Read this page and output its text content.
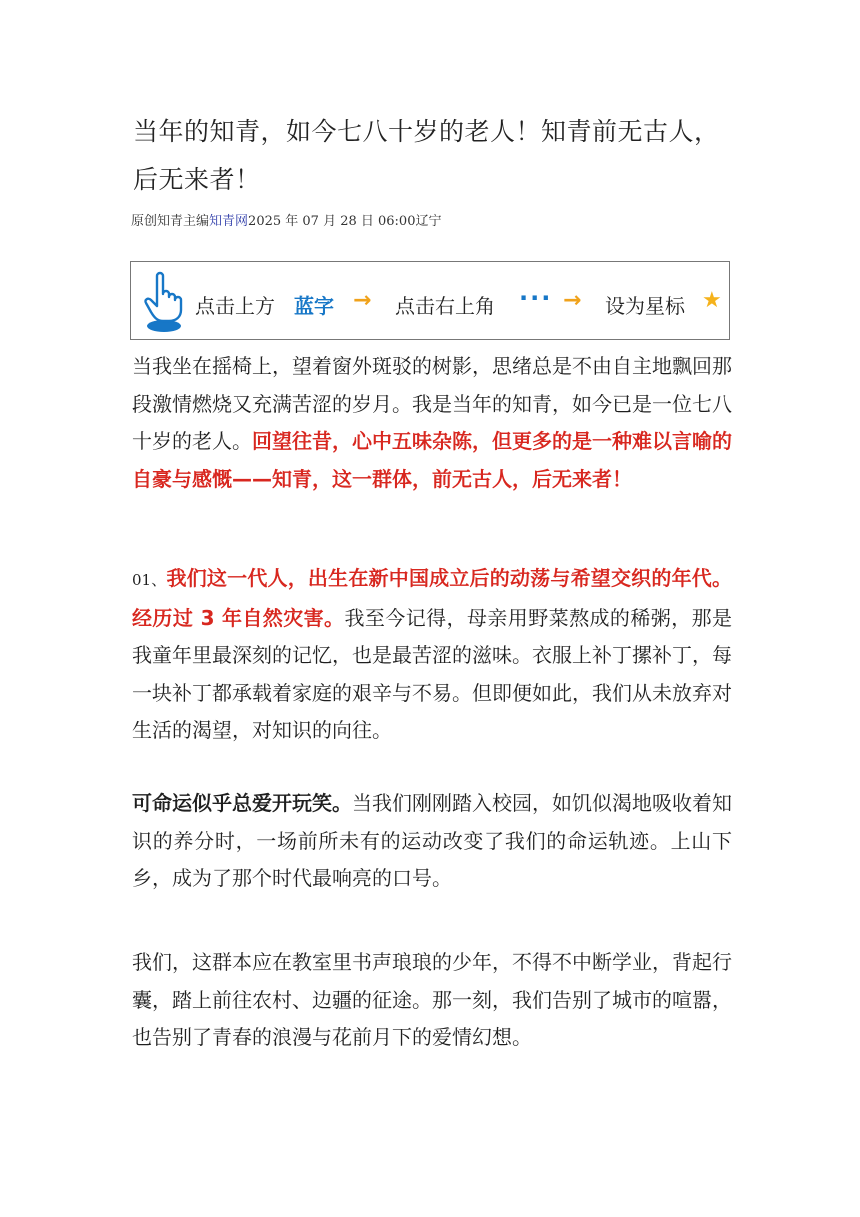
当年的知青，如今七八十岁的老人！知青前无古人，后无来者！
原创知青主编知青网2025 年 07 月 28 日 06:00辽宁
点击上方 蓝字 → 点击右上角 ··· → 设为星标 ★
当我坐在摇椅上，望着窗外斑驳的树影，思绪总是不由自主地飘回那段激情燃烧又充满苦涩的岁月。我是当年的知青，如今已是一位七八十岁的老人。回望往昔，心中五味杂陈，但更多的是一种难以言喻的自豪与感慨——知青，这一群体，前无古人，后无来者！
01、我们这一代人，出生在新中国成立后的动荡与希望交织的年代。经历过 3 年自然灾害。我至今记得，母亲用野菜熬成的稀粥，那是我童年里最深刻的记忆，也是最苦涩的滋味。衣服上补丁摞补丁，每一块补丁都承载着家庭的艰辛与不易。但即便如此，我们从未放弃对生活的渴望，对知识的向往。
可命运似乎总爱开玩笑。当我们刚刚踏入校园，如饥似渴地吸收着知识的养分时，一场前所未有的运动改变了我们的命运轨迹。上山下乡，成为了那个时代最响亮的口号。
我们，这群本应在教室里书声琅琅的少年，不得不中断学业，背起行囊，踏上前往农村、边疆的征途。那一刻，我们告别了城市的喧嚣，也告别了青春的浪漫与花前月下的爱情幻想。
